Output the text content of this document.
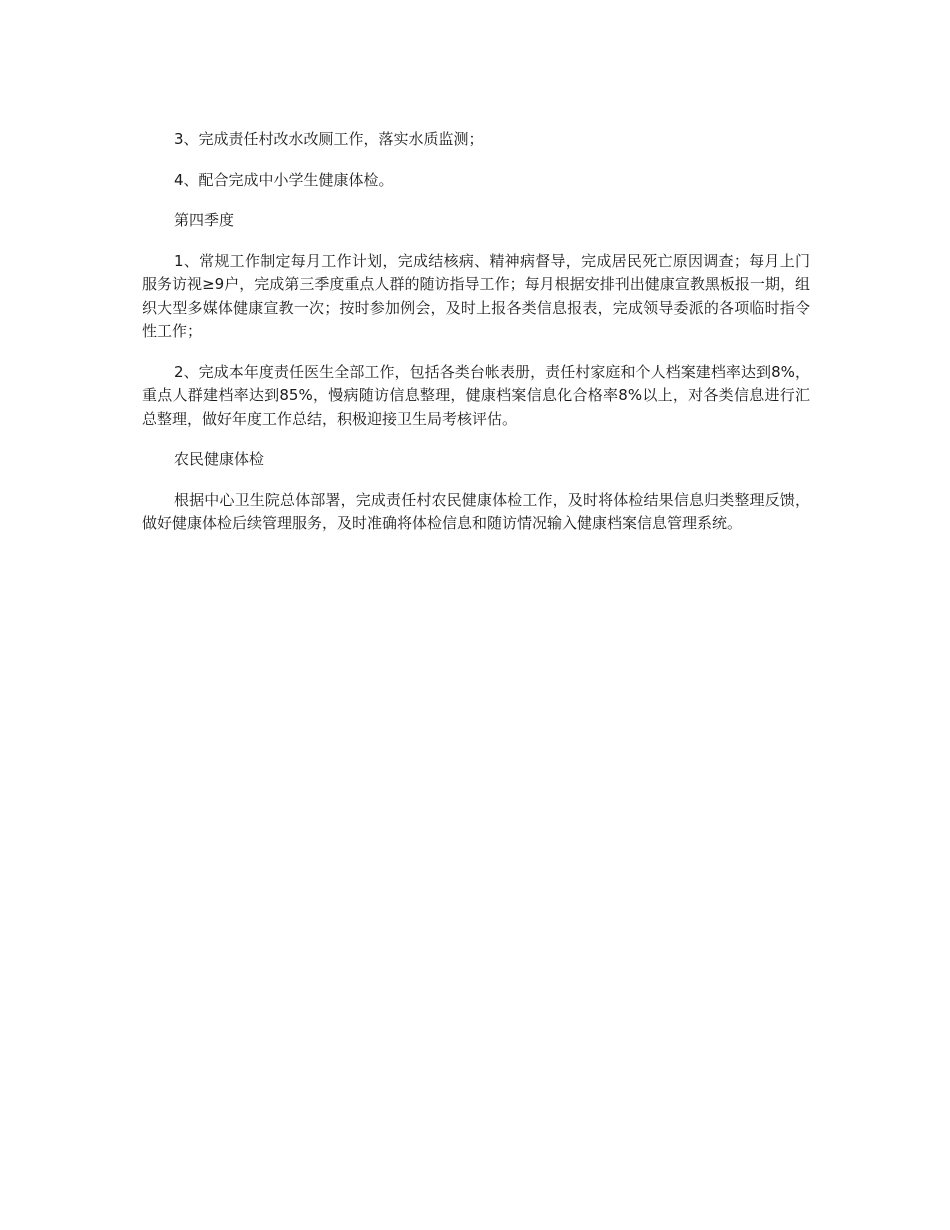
3、完成责任村改水改厕工作，落实水质监测；

4、配合完成中小学生健康体检。

第四季度

1、常规工作制定每月工作计划，完成结核病、精神病督导，完成居民死亡原因调查；每月上门服务访视≥9户，完成第三季度重点人群的随访指导工作；每月根据安排刊出健康宣教黑板报一期，组织大型多媒体健康宣教一次；按时参加例会，及时上报各类信息报表，完成领导委派的各项临时指令性工作；

2、完成本年度责任医生全部工作，包括各类台帐表册，责任村家庭和个人档案建档率达到8%，重点人群建档率达到85%，慢病随访信息整理，健康档案信息化合格率8%以上，对各类信息进行汇总整理，做好年度工作总结，积极迎接卫生局考核评估。

农民健康体检

根据中心卫生院总体部署，完成责任村农民健康体检工作，及时将体检结果信息归类整理反馈，做好健康体检后续管理服务，及时准确将体检信息和随访情况输入健康档案信息管理系统。
